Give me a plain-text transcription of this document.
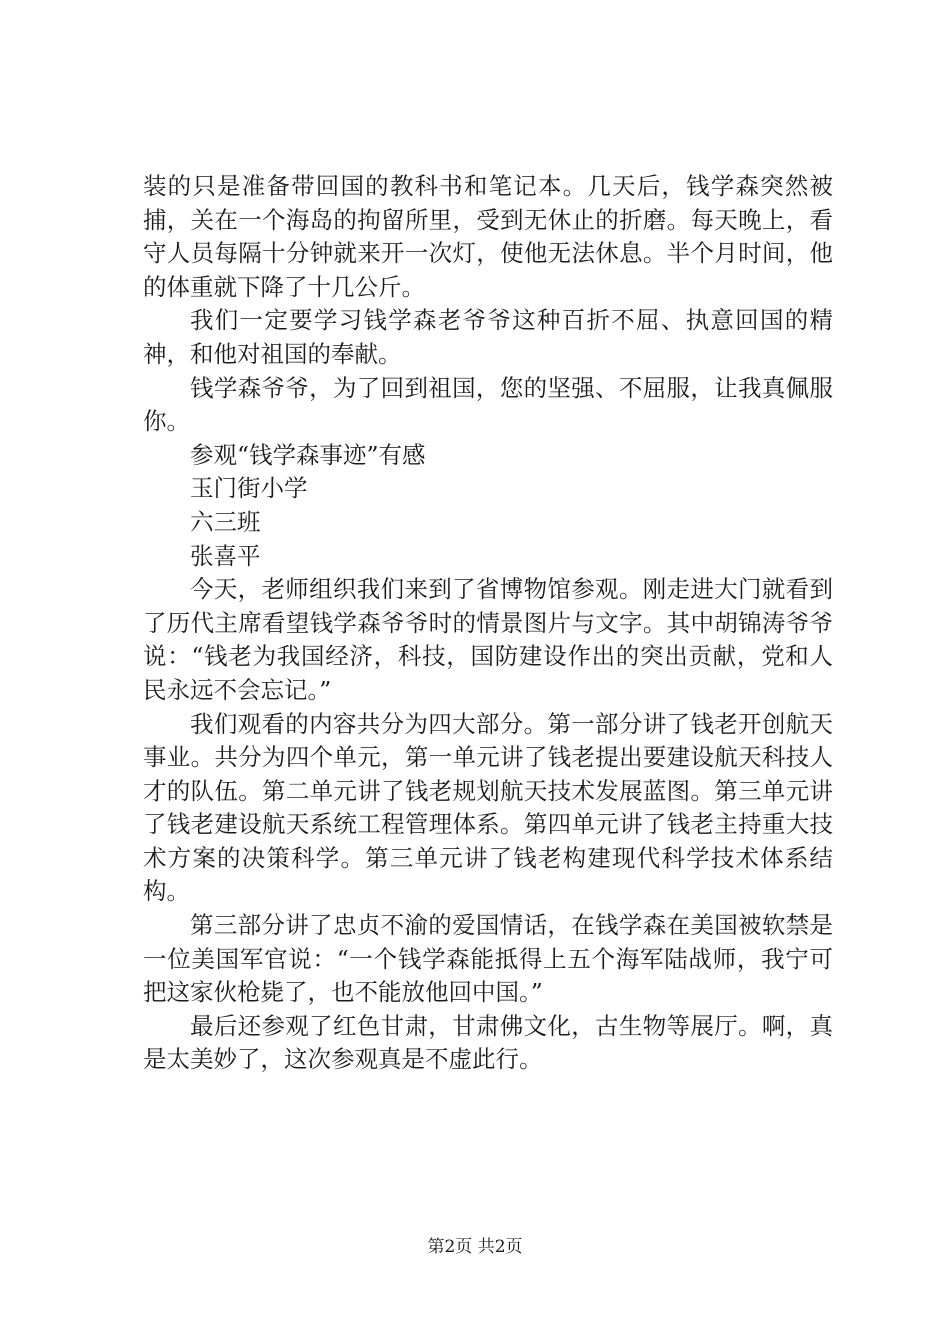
装的只是准备带回国的教科书和笔记本。几天后，钱学森突然被捕，关在一个海岛的拘留所里，受到无休止的折磨。每天晚上，看守人员每隔十分钟就来开一次灯，使他无法休息。半个月时间，他的体重就下降了十几公斤。

我们一定要学习钱学森老爷爷这种百折不屈、执意回国的精神，和他对祖国的奉献。

钱学森爷爷，为了回到祖国，您的坚强、不屈服，让我真佩服你。

参观“钱学森事迹”有感

玉门街小学

六三班

张喜平

今天，老师组织我们来到了省博物馆参观。刚走进大门就看到了历代主席看望钱学森爷爷时的情景图片与文字。其中胡锦涛爷爷说：“钱老为我国经济，科技，国防建设作出的突出贡献，党和人民永远不会忘记。”

我们观看的内容共分为四大部分。第一部分讲了钱老开创航天事业。共分为四个单元，第一单元讲了钱老提出要建设航天科技人才的队伍。第二单元讲了钱老规划航天技术发展蓝图。第三单元讲了钱老建设航天系统工程管理体系。第四单元讲了钱老主持重大技术方案的决策科学。第三单元讲了钱老构建现代科学技术体系结构。

第三部分讲了忠贞不渝的爱国情话，在钱学森在美国被软禁是一位美国军官说：“一个钱学森能抵得上五个海军陆战师，我宁可把这家伙枪毙了，也不能放他回中国。”

最后还参观了红色甘肃，甘肃佛文化，古生物等展厅。啊，真是太美妙了，这次参观真是不虚此行。

第2页 共2页
